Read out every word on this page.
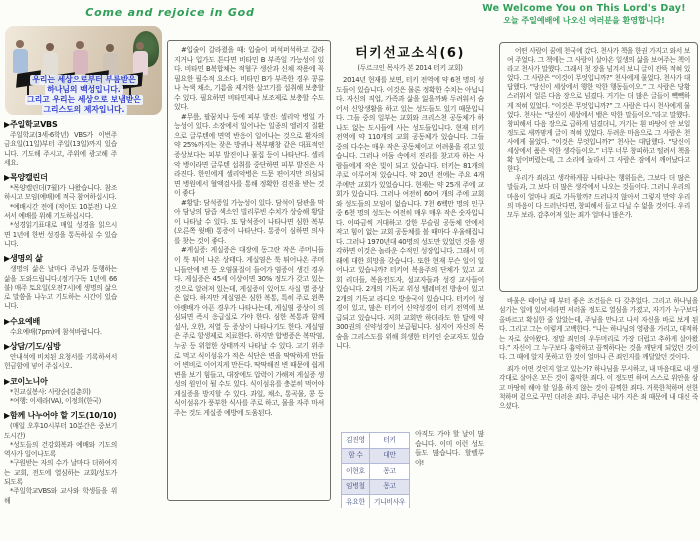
Come and rejoice in God	We Welcome You on This Lord's Day!
오늘 주일예배에 나오신 여러분을 환영합니다!
우리는 세상으로부터 부름받은
하나님의 백성입니다.
그리고 우리는 세상으로 보냄받은
그리스도의 제자입니다.
▶주일학교VBS
주일학교(3세-6학년) VBS가 이번주 금요일(11일)부터 주일(13일)까지 있습니다. 기도해 주시고, 주위에 광고해 주세요.
▶목양캘린더
*목양캘린더(7월)가 나왔습니다. 참조하시고 모임(예배)에 적극 참여하십시다.
*예배시간 전에 (적어도 10분전) 나오셔서 예배를 위해 기도하십시다.
*성경읽기표대로 매일 성경을 읽으시면 1년에 한번 성경을 통독하실 수 있습니다.
▶생명의 삶
생명의 삶은 날마다 주님과 동행하는 삶을 도와드립니다.(정기구독 1년에 66불) 매주 토요일(오전7시)에 생명의 삶으로 말씀을 나누고 기도하는 시간이 있습니다.
▶수요예배
수요예배(7pm)에 참석바랍니다.
▶상담/기도/심방
안내석에 비치된 요청서를 기록하셔서 헌금함에 넣어 주십시오.
▶코이노니아
*친교실봉사: 사랑순(김춘희)
*여행: 이세라(VA), 이정희(한국)
▶함께 나누어야 할 기도(10/10)
(매일 오후10시부터 10분간은 중보기도시간)
*성도들의 건강회복과 예배와 기도의 역사가 일어나도록
*구원받는 자의 수가 날마다 더하여지는 교회, 전도에 열심하는 교회/성도가 되도록
*주일학교VBS와 교사와 학생들을 위해
#입술이 갈라졌을 때: 입술이 퍼석퍼석하고 갈라지거나 입가도 튼다면 비타민 B 부족일 가능성이 있다. 비타민 B복합체는 적혈구 생산과 신체 작용에 꼭 필요한 필수적 요소다. 비타민 B가 부족한 경우 콩류나 녹색 채소, 기름을 제거한 살코기를 섭취해 보충할 수 있다. 필요하면 비타민제나 보조제로 보충할 수도 있다.
#무릎, 팔꿈치나 등에 피부 발진: 셀리악 병일 가능성이 있다. 소장에서 일어나는 일종의 엘러지 질환으로 글루텐에 면역 반응이 일어나는 것으로 환자의 약 25%까지는 잦은 방귀나 복부팽창 같은 대표적인 증상보다는 피부 발진이나 물집 등이 나타난다. 셀리악 병이라면 글루텐 섭취를 중단하면 피부 발진은 사라진다. 한인에게 셀리악병은 드문 편이지만 의심되면 병원에서 혈액검사를 통해 정확한 검진을 받는 것이 좋다
#황달: 담석증일 가능성이 있다. 담석이 담관을 막아 담낭의 담즙 색소인 빌리루빈 수치가 상승해 황달이 나타날 수 있다. 또 담석증이 나타나면 심한 복부(오른쪽 윗배) 통증이 나타난다. 통증이 심하면 의사를 찾는 것이 좋다.
#게실증: 게실증은 대장에 동그란 작은 주머니들이 툭 튀어 나온 상태다. 게실염은 툭 튀어나온 주머니들안에 변 등 오염물질이 들어가 염증이 생긴 경우다. 게실증은 45세 이상이면 30% 정도가 갖고 있는 것으로 알려져 있는데, 게실증이 있어도 사실 별 증상은 없다. 하지만 게실염은 심한 복통, 특히 주로 왼쪽 아랫배가 아픈 경우가 나타나는데, 게실염 증상이 의심되면 즉시 응급실로 가야 한다. 심한 복통과 함께 설사, 오한, 저열 등 증상이 나타나기도 한다. 게실염은 주로 항생제로 치료한다. 하지만 합병증은 복막염, 누공 등 위험한 상태까지 나타날 수 있다. 고기 위주로 먹고 식이섬유가 적은 식단은 변을 딱딱하게 만들어 변비로 이어지게 만든다. 딱딱해진 변 때문에 쉽게 변을 보기 힘들고, 대장에도 압력이 가해져 게실증 생성의 원인이 될 수도 있다. 식이섬유를 충분히 먹어야 게실증을 방지할 수 있다. 과일, 채소, 통곡물, 콩 등 식이섬유가 풍부한 식사를 주로 하고, 물을 자주 마셔 주는 것도 게실증 예방에 도움된다.
터키선교소식(6)
(두르크인 목사가 본 2014 터키 교회)
2014년 현재를 보면, 터키 전역에 약 6천 명의 성도들이 있습니다. 이것은 물론 정확한 수치는 아닙니다. 자신의 직업, 가족과 삶을 잃을까봐 두려워서 숨어서 신앙생활을 하고 있는 성도들도 있기 때문입니다. 그들 중의 일부는 교회와 크리스천 공동체가 하나도 없는 도시들에 사는 성도들입니다. 현재 터키 전역에 약 110개의 교회 공동체가 있습니다. 그들 중의 다수는 매우 작은 공동체이고 어려움을 겪고 있습니다. 그러나 어둠 속에서 진리를 찾고자 하는 사람들에게 작은 빛이 되고 있습니다. 터키는 81개의 주로 이루어져 있습니다. 약 20년 전에는 주요 4개 주에만 교회가 있었습니다. 현재는 약 25개 주에 교회가 있습니다. 그러나 여전히 60여 개의 주에 교회와 성도들의 모임이 없습니다. 7천 6백만 명의 인구 중 6천 명의 성도는 여전히 매우 매우 작은 숫자입니다. 이따금씩 거대하고 강한 무슬림 공동체 안에서 작고 힘이 없는 교회 공동체를 볼 때마다 우울해집니다. 그러나 1970년대 40명의 성도만 있었던 것을 생각하면 이것은 놀라운 수적인 성장입니다. 그래서 미래에 대한 희망을 갖습니다. 또한 현재 무슨 일이 일어나고 있습니까? 터키어 복음주의 단체가 있고 교회 리더들, 복음전도자, 설교자들과 성경 교사들이 있습니다. 2개의 기독교 위성 텔레비전 방송이 있고 2개의 기독교 라디오 방송국이 있습니다. 터키어 성경이 있고, 많은 터키어 신약성경이 터키 전역에 보급되고 있습니다. 저희 교회만 하더라도 한 달에 약 300권의 신약성경이 보급됩니다. 심지어 자신의 목숨을 그리스도를 위해 희생한 터키인 순교자도 있습니다.
김진영	터키
함 수	대만
이현호	몽고
임병철	몽고
유요한	기니비사우
아직도 가야 할 날이 많습니다. 이미 이런 성도들도 많습니다. 할렐루야!
어떤 사람이 꿈에 천국에 갔다. 천사가 책을 한권 가지고 와서 보여 주었다. 그 책에는 그 사람이 살아온 일생의 삶을 보여주는 책이라고 천사가 말했다. 그래서 첫 장을 넘겨서 보니 글이 잔뜩 적혀 있었다. 그 사람은 “이것이 무엇입니까?” 천사에게 물었다. 천사가 대답했다. “당신이 세상에서 행한 악한 행동들이오.” 그 사람은 당황스러워서 얼른 다음 장으로 넘겼다. 거기는 더 많은 글들이 빽빽하게 적혀 있었다. “이것은 무엇입니까?” 그 사람은 다시 천사에게 물었다. 천사는 “당신이 세상에서 뱉은 악한 말들이오.”라고 말했다. 창피해서 다음 장으로 급하게 넘겼더니, 거기는 흰 바탕이 안 보일 정도로 새까맣게 글이 적혀 있었다. 두려운 마음으로 그 사람은 천사에게 물었다. “이것은 무엇입니까?” 천사는 대답했다. “당신이 세상에서 품은 악한 생각들이오.” 너무 너무 창피하고 떨려서 책을 확 덮어버렸는데, 그 소리에 놀라서 그 사람은 잠에서 깨어났다고 한다.
우리가 죄라고 생각하게끔 나타나는 행위들은, 그보다 더 많은 말들과, 그 보다 더 많은 생각에서 나오는 것들이다. 그러니 우리의 마음이 얼마나 죄로 가득할까? 드러나지 않아서 그렇지 만약 우리의 마음이 다 드러난다면, 창피해서 들고 다닐 수 없을 것이다. 우리 모두 보라. 감추어져 있는 죄가 얼마나 많은가.
바울은 태어날 때 부터 좋은 조건들은 다 갖추었다. 그리고 하나님을 섬기는 일에 있어서라면 서러울 정도로 열심을 가졌고, 자기가 누구보다 올바르고 확실한 줄 알았는데, 주님을 만나고 나서 자신을 바로 보게 된다. 그리고 그는 이렇게 고백한다. “나는 하나님의 영광을 가리고, 대적하는 자로 살아왔다. 정말 죄인의 우두머리로 가장 더럽고 추하게 살아왔다.” 자신이 그 누구보다 흉악하고 끔찍하다는 것을 깨닫게 되었던 것이다. 그 때에 알지 못하고 한 것이 얼마나 큰 죄인지를 깨달았던 것이다.
죄가 어떤 것인지 알고 있는가? 하나님을 무시하고, 내 마음대로 내 생각대로 살아온 모든 것이 흉악한 죄다. 이 정도면 하며 스스로 위안을 삼고 마땅히 해야 할 일을 하지 않는 것이 끔찍한 죄다. 거룩한척하며 선한척하며 겉으로 꾸민 더러운 죄다. 주님은 내가 지은 죄 때문에 내 대신 죽으셨다.
